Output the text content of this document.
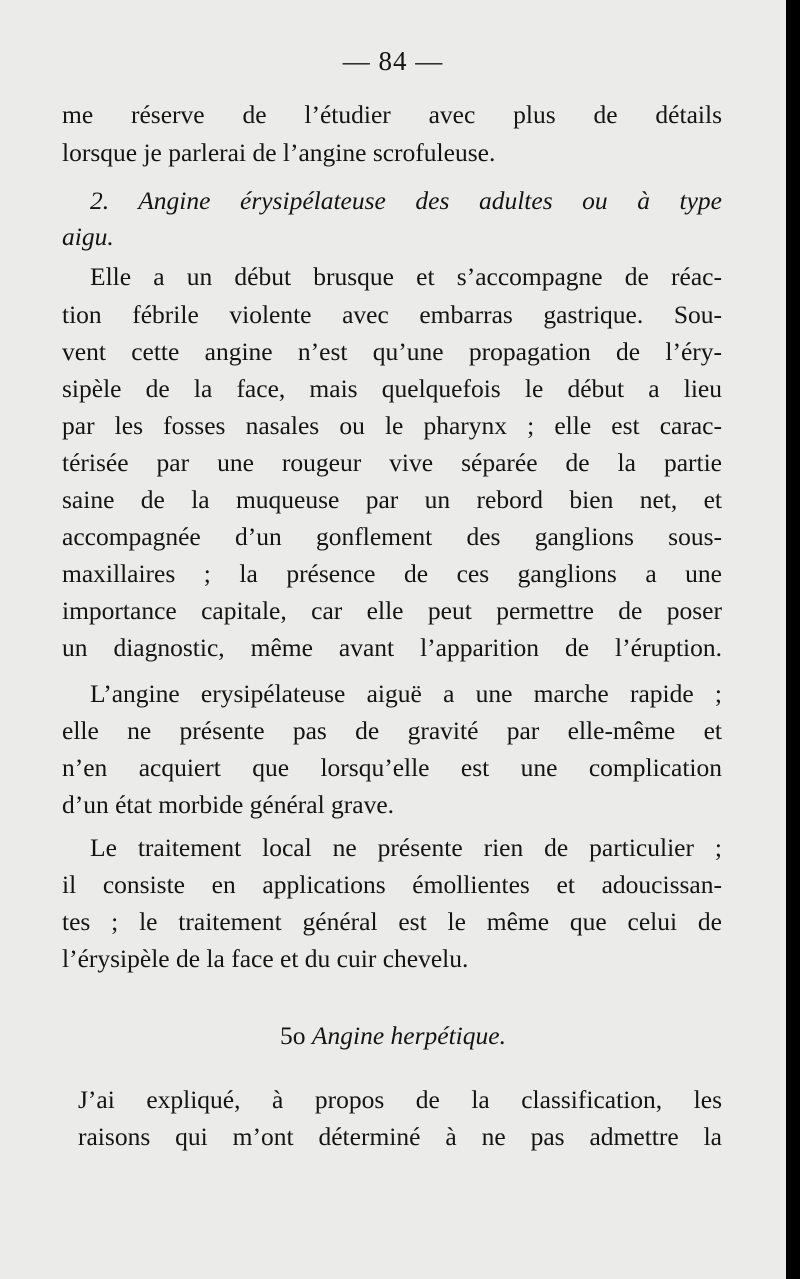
— 84 —
me réserve de l’étudier avec plus de détails
lorsque je parlerai de l’angine scrofuleuse.
2. Angine érysipélateuse des adultes ou à type
aigu.
Elle a un début brusque et s’accompagne de réac-
tion fébrile violente avec embarras gastrique. Sou-
vent cette angine n’est qu’une propagation de l’éry-
sipèle de la face, mais quelquefois le début a lieu
par les fosses nasales ou le pharynx ; elle est carac-
térisée par une rougeur vive séparée de la partie
saine de la muqueuse par un rebord bien net, et
accompagnée d’un gonflement des ganglions sous-
maxillaires ; la présence de ces ganglions a une
importance capitale, car elle peut permettre de poser
un diagnostic, même avant l’apparition de l’éruption.
L’angine erysipélateuse aiguë a une marche rapide ;
elle ne présente pas de gravité par elle-même et
n’en acquiert que lorsqu’elle est une complication
d’un état morbide général grave.
Le traitement local ne présente rien de particulier ;
il consiste en applications émollientes et adoucissan-
tes ; le traitement général est le même que celui de
l’érysipèle de la face et du cuir chevelu.
5o Angine herpétique.
J’ai expliqué, à propos de la classification, les
raisons qui m’ont déterminé à ne pas admettre la
